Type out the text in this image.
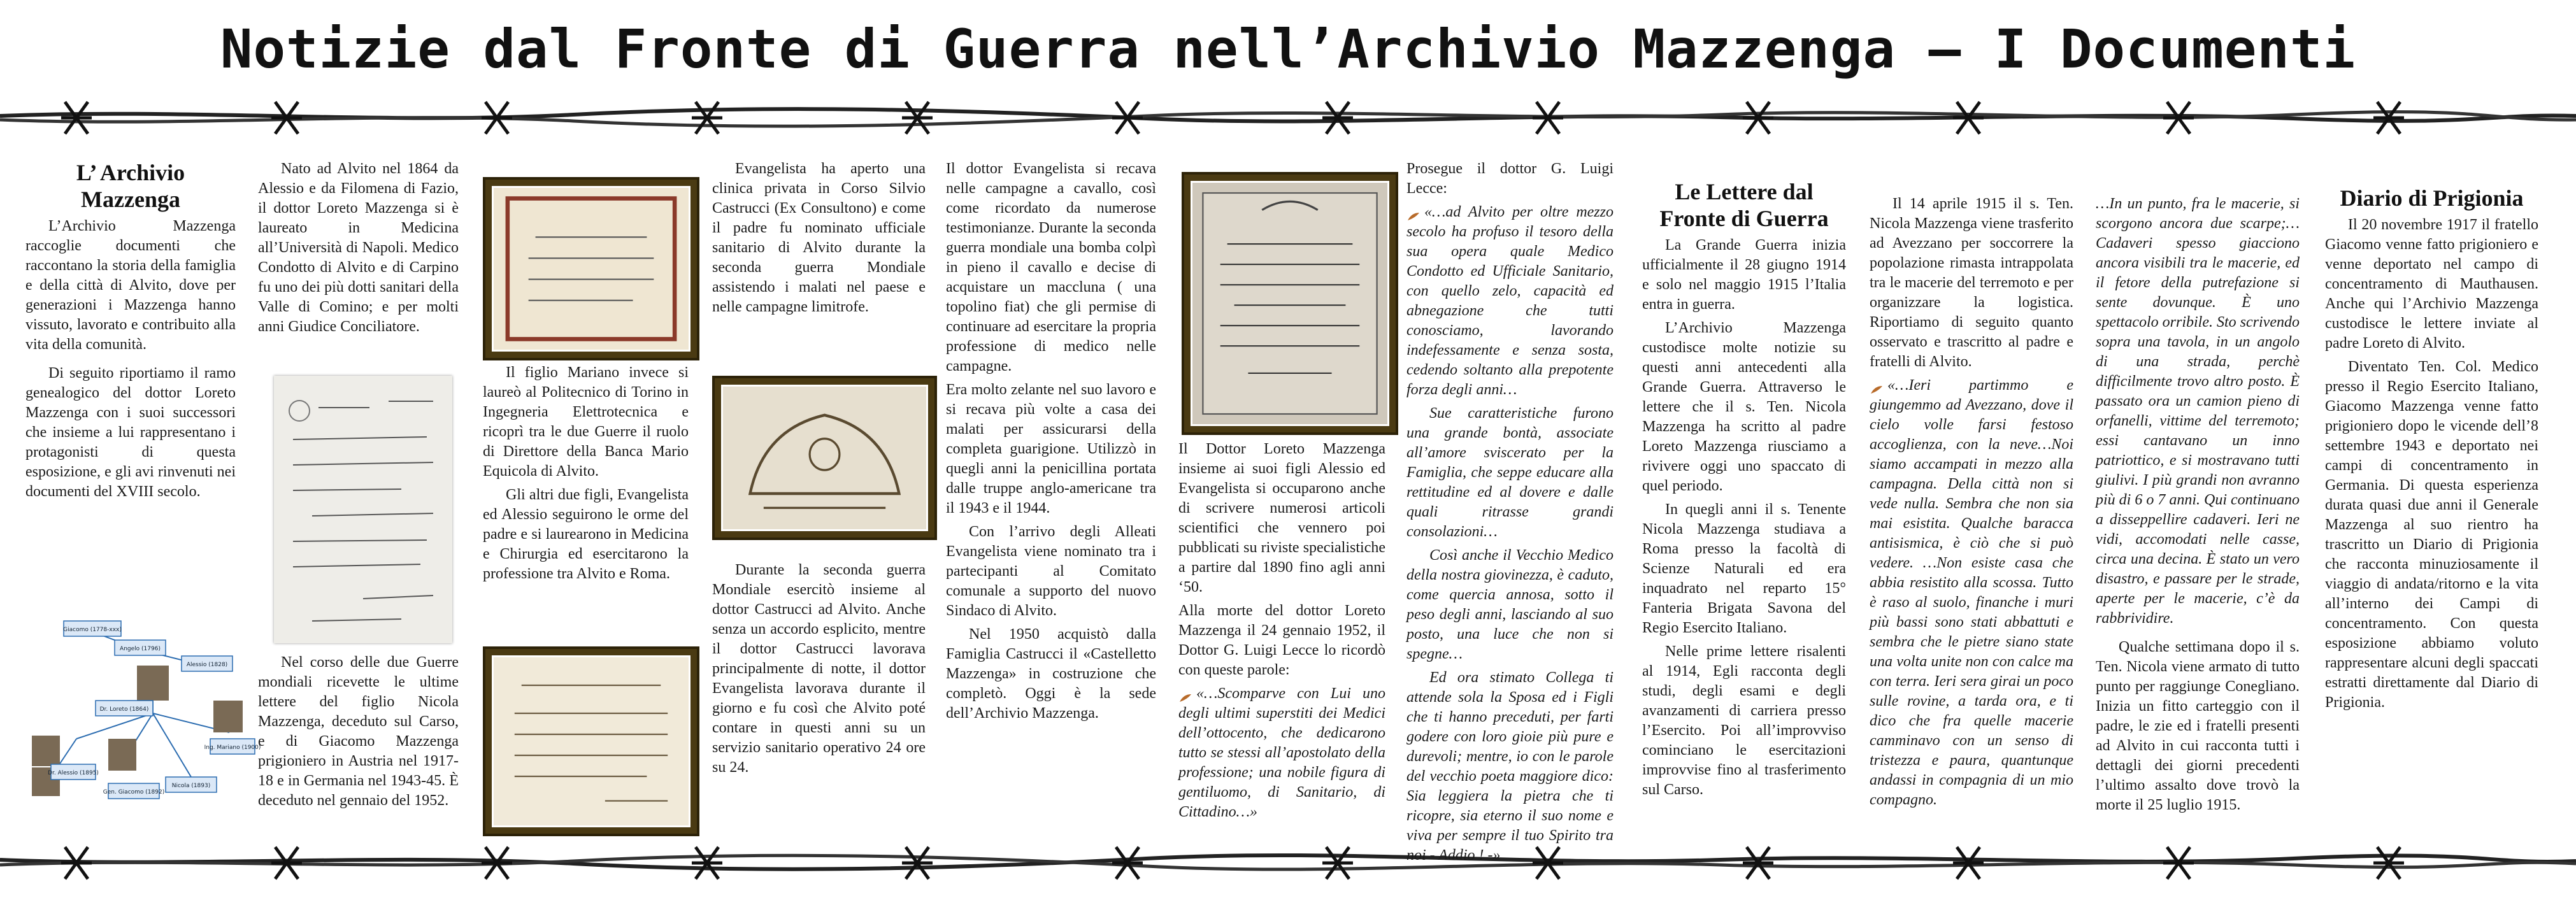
Notizie dal Fronte di Guerra nell’Archivio Mazzenga – I Documenti
L’ Archivio Mazzenga

L’Archivio Mazzenga raccoglie documenti che raccontano la storia della famiglia e della città di Alvito, dove per generazioni i Mazzenga hanno vissuto, lavorato e contribuito alla vita della comunità.

Di seguito riportiamo il ramo genealogico del dottor Loreto Mazzenga con i suoi successori che insieme a lui rappresentano i protagonisti di questa esposizione, e gli avi rinvenuti nei documenti del XVIII secolo.

Giacomo (1778-xxx)
Angelo (1796)
Alessio (1828)
Dr. Loreto (1864)
Ing. Mariano (1900)
Dr. Alessio (1895)
Gen. Giacomo (1892)
Nicola (1893)

Nato ad Alvito nel 1864 da Alessio e da Filomena di Fazio, il dottor Loreto Mazzenga si è laureato in Medicina all’Università di Napoli. Medico Condotto di Alvito e di Carpino fu uno dei più dotti sanitari della Valle di Comino; e per molti anni Giudice Conciliatore.

Nel corso delle due Guerre mondiali ricevette le ultime lettere del figlio Nicola Mazzenga, deceduto sul Carso, e di Giacomo Mazzenga prigioniero in Austria nel 1917-18 e in Germania nel 1943-45. È deceduto nel gennaio del 1952.

Il figlio Mariano invece si laureò al Politecnico di Torino in Ingegneria Elettrotecnica e ricoprì tra le due Guerre il ruolo di Direttore della Banca Mario Equicola di Alvito.

Gli altri due figli, Evangelista ed Alessio seguirono le orme del padre e si laurearono in Medicina e Chirurgia ed esercitarono la professione tra Alvito e Roma.

Evangelista ha aperto una clinica privata in Corso Silvio Castrucci (Ex Consultono) e come il padre fu nominato ufficiale sanitario di Alvito durante la seconda guerra Mondiale assistendo i malati nel paese e nelle campagne limitrofe.

Durante la seconda guerra Mondiale esercitò insieme al dottor Castrucci ad Alvito. Anche senza un accordo esplicito, mentre il dottor Castrucci lavorava principalmente di notte, il dottor Evangelista lavorava durante il giorno e fu così che Alvito poté contare in questi anni su un servizio sanitario operativo 24 ore su 24.

Il dottor Evangelista si recava nelle campagne a cavallo, così come ricordato da numerose testimonianze. Durante la seconda guerra mondiale una bomba colpì in pieno il cavallo e decise di acquistare un maccluna ( una topolino fiat) che gli permise di continuare ad esercitare la propria professione di medico nelle campagne.

Era molto zelante nel suo lavoro e si recava più volte a casa dei malati per assicurarsi della completa guarigione. Utilizzò in quegli anni la penicillina portata dalle truppe anglo-americane tra il 1943 e il 1944.

Con l’arrivo degli Alleati Evangelista viene nominato tra i partecipanti al Comitato comunale a supporto del nuovo Sindaco di Alvito.

Nel 1950 acquistò dalla Famiglia Castrucci il «Castelletto Mazzenga» in costruzione che completò. Oggi è la sede dell’Archivio Mazzenga.

Il Dottor Loreto Mazzenga insieme ai suoi figli Alessio ed Evangelista si occuparono anche di scrivere numerosi articoli scientifici che vennero poi pubblicati su riviste specialistiche a partire dal 1890 fino agli anni ‘50.

Alla morte del dottor Loreto Mazzenga il 24 gennaio 1952, il Dottor G. Luigi Lecce lo ricordò con queste parole:

«…Scomparve con Lui uno degli ultimi superstiti dei Medici dell’ottocento, che dedicarono tutto se stessi all’apostolato della professione; una nobile figura di gentiluomo, di Sanitario, di Cittadino…»

Prosegue il dottor G. Luigi Lecce:

«…ad Alvito per oltre mezzo secolo ha profuso il tesoro della sua opera quale Medico Condotto ed Ufficiale Sanitario, con quello zelo, capacità ed abnegazione che tutti conosciamo, lavorando indefessamente e senza sosta, cedendo soltanto alla prepotente forza degli anni…

Sue caratteristiche furono una grande bontà, associate all’amore sviscerato per la Famiglia, che seppe educare alla rettitudine ed al dovere e dalle quali ritrasse grandi consolazioni…

Così anche il Vecchio Medico della nostra giovinezza, è caduto, come quercia annosa, sotto il peso degli anni, lasciando al suo posto, una luce che non si spegne…

Ed ora stimato Collega ti attende sola la Sposa ed i Figli che ti hanno preceduti, per farti godere con loro gioie più pure e durevoli; mentre, io con le parole del vecchio poeta maggiore dico: Sia leggiera la pietra che ti ricopre, sia eterno il suo nome e viva per sempre il tuo Spirito tra noi - Addio ! -»

Le Lettere dal Fronte di Guerra

La Grande Guerra inizia ufficialmente il 28 giugno 1914 e solo nel maggio 1915 l’Italia entra in guerra.

L’Archivio Mazzenga custodisce molte notizie su questi anni antecedenti alla Grande Guerra. Attraverso le lettere che il s. Ten. Nicola Mazzenga ha scritto al padre Loreto Mazzenga riusciamo a rivivere oggi uno spaccato di quel periodo.

In quegli anni il s. Tenente Nicola Mazzenga studiava a Roma presso la facoltà di Scienze Naturali ed era inquadrato nel reparto 15° Fanteria Brigata Savona del Regio Esercito Italiano.

Nelle prime lettere risalenti al 1914, Egli racconta degli studi, degli esami e degli avanzamenti di carriera presso l’Esercito. Poi all’improvviso cominciano le esercitazioni improvvise fino al trasferimento sul Carso.

Il 14 aprile 1915 il s. Ten. Nicola Mazzenga viene trasferito ad Avezzano per soccorrere la popolazione rimasta intrappolata tra le macerie del terremoto e per organizzare la logistica. Riportiamo di seguito quanto osservato e trascritto al padre e fratelli di Alvito.

«…Ieri partimmo e giungemmo ad Avezzano, dove il cielo volle farsi festoso accoglienza, con la neve…Noi siamo accampati in mezzo alla campagna. Della città non si vede nulla. Sembra che non sia mai esistita. Qualche baracca antisismica, è ciò che si può vedere. …Non esiste casa che abbia resistito alla scossa. Tutto è raso al suolo, finanche i muri più bassi sono stati abbattuti e sembra che le pietre siano state una volta unite non con calce ma con terra. Ieri sera girai un poco sulle rovine, a tarda ora, e ti dico che fra quelle macerie camminavo con un senso di tristezza e paura, quantunque andassi in compagnia di un mio compagno.

…In un punto, fra le macerie, si scorgono ancora due scarpe;…Cadaveri spesso giacciono ancora visibili tra le macerie, ed il fetore della putrefazione si sente dovunque. È uno spettacolo orribile. Sto scrivendo sopra una tavola, in un angolo di una strada, perchè difficilmente trovo altro posto. È passato ora un camion pieno di orfanelli, vittime del terremoto; essi cantavano un inno patriottico, e si mostravano tutti giulivi. I più grandi non avranno più di 6 o 7 anni. Qui continuano a disseppellire cadaveri. Ieri ne vidi, accomodati nelle casse, circa una decina. È stato un vero disastro, e passare per le strade, aperte per le macerie, c’è da rabbrividire.

Qualche settimana dopo il s. Ten. Nicola viene armato di tutto punto per raggiunge Conegliano. Inizia un fitto carteggio con il padre, le zie ed i fratelli presenti ad Alvito in cui racconta tutti i dettagli dei giorni precedenti l’ultimo assalto dove trovò la morte il 25 luglio 1915.

Diario di Prigionia

Il 20 novembre 1917 il fratello Giacomo venne fatto prigioniero e venne deportato nel campo di concentramento di Mauthausen. Anche qui l’Archivio Mazzenga custodisce le lettere inviate al padre Loreto di Alvito.

Diventato Ten. Col. Medico presso il Regio Esercito Italiano, Giacomo Mazzenga venne fatto prigioniero dopo le vicende dell’8 settembre 1943 e deportato nei campi di concentramento in Germania. Di questa esperienza durata quasi due anni il Generale Mazzenga al suo rientro ha trascritto un Diario di Prigionia che racconta minuziosamente il viaggio di andata/ritorno e la vita all’interno dei Campi di concentramento. Con questa esposizione abbiamo voluto rappresentare alcuni degli spaccati estratti direttamente dal Diario di Prigionia.
